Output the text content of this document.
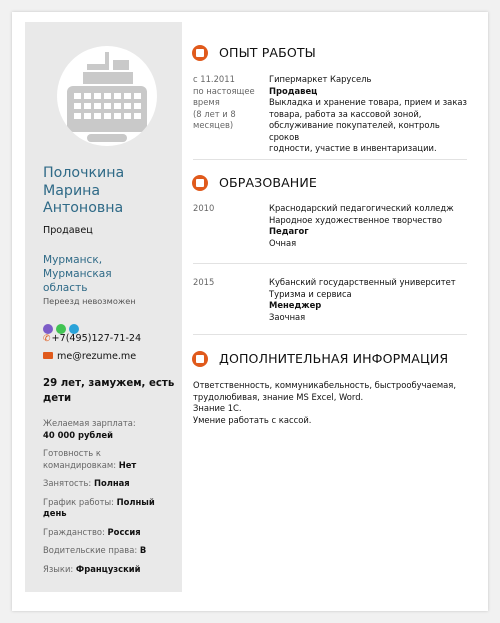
Полочкина
Марина
Антоновна
Продавец
Мурманск,
Мурманская
область
Переезд невозможен
✆+7(495)127-71-24
me@rezume.me
29 лет, замужем, есть
дети
Желаемая зарплата:
40 000 рублей
Готовность к
командировкам: Нет
Занятость: Полная
График работы: Полный
день
Гражданство: Россия
Водительские права: B
Языки: Французский
ОПЫТ РАБОТЫ
с 11.2011
по настоящее
время
(8 лет и 8
месяцев)
Гипермаркет Карусель
Продавец
Выкладка и хранение товара, прием и заказ
товара, работа за кассовой зоной,
обслуживание покупателей, контроль сроков
годности, участие в инвентаризации.
ОБРАЗОВАНИЕ
2010	Краснодарский педагогический колледж
Народное художественное творчество
Педагог
Очная
2015	Кубанский государственный университет
Туризма и сервиса
Менеджер
Заочная
ДОПОЛНИТЕЛЬНАЯ ИНФОРМАЦИЯ
Ответственность, коммуникабельность, быстрообучаемая,
трудолюбивая, знание MS Excel, Word.
Знание 1С.
Умение работать с кассой.
